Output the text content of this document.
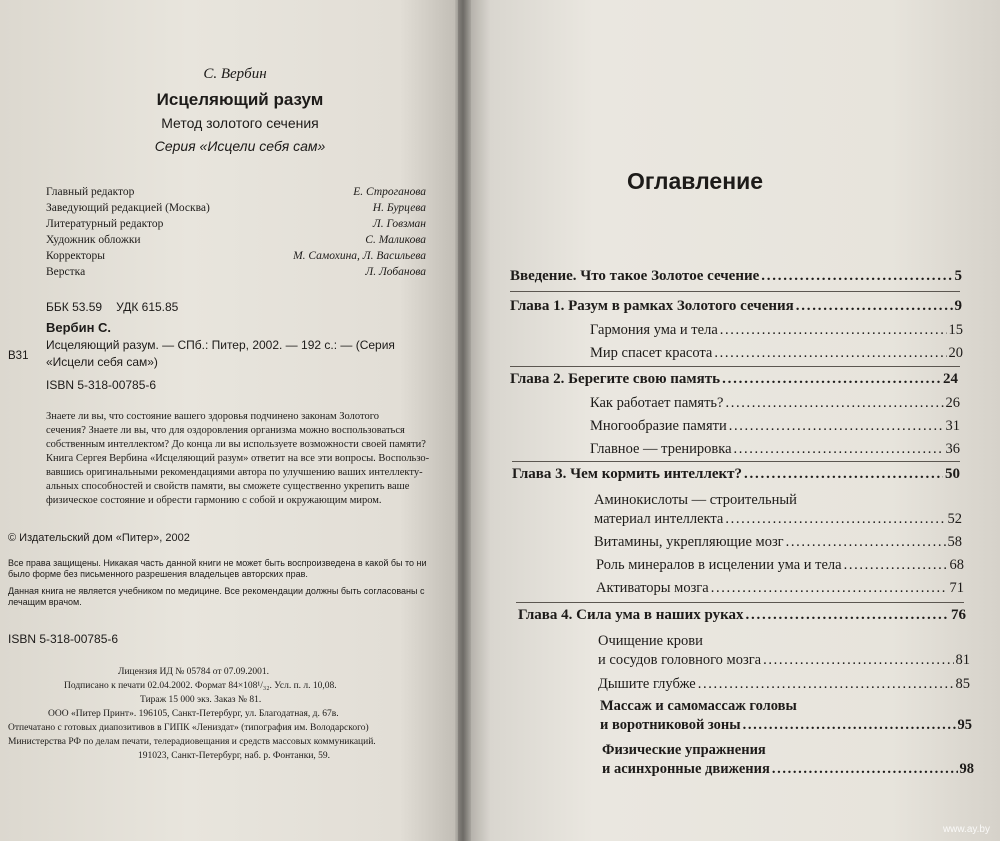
С. Вербин
Исцеляющий разум
Метод золотого сечения
Серия «Исцели себя сам»
Главный редактор	Е. Строганова
Заведующий редакцией (Москва)	Н. Бурцева
Литературный редактор	Л. Говзман
Художник обложки	С. Маликова
Корректоры	М. Самохина, Л. Васильева
Верстка	Л. Лобанова
ББК 53.59 УДК 615.85
Вербин С.
В31
Исцеляющий разум. — СПб.: Питер, 2002. — 192 с.: — (Серия
«Исцели себя сам»)
ISBN 5-318-00785-6
Знаете ли вы, что состояние вашего здоровья подчинено законам Золотого
сечения? Знаете ли вы, что для оздоровления организма можно воспользоваться
собственным интеллектом? До конца ли вы используете возможности своей памяти?
Книга Сергея Вербина «Исцеляющий разум» ответит на все эти вопросы. Воспользо-
вавшись оригинальными рекомендациями автора по улучшению ваших интеллекту-
альных способностей и свойств памяти, вы сможете существенно укрепить ваше
физическое состояние и обрести гармонию с собой и окружающим миром.
© Издательский дом «Питер», 2002
Все права защищены. Никакая часть данной книги не может быть воспроизведена в какой бы то ни
было форме без письменного разрешения владельцев авторских прав.
Данная книга не является учебником по медицине. Все рекомендации должны быть согласованы с
лечащим врачом.
ISBN 5-318-00785-6
Лицензия ИД № 05784 от 07.09.2001.
Подписано к печати 02.04.2002. Формат 84×108¹/₃₂. Усл. п. л. 10,08.
Тираж 15 000 экз. Заказ № 81.
ООО «Питер Принт». 196105, Санкт-Петербург, ул. Благодатная, д. 67в.
Отпечатано с готовых диапозитивов в ГИПК «Лениздат» (типография им. Володарского)
Министерства РФ по делам печати, телерадиовещания и средств массовых коммуникаций.
191023, Санкт-Петербург, наб. р. Фонтанки, 59.
Оглавление
Введение. Что такое Золотое сечение . . .	5
Глава 1. Разум в рамках Золотого сечения . . .	9
Гармония ума и тела . . .	15
Мир спасет красота . . .	20
Глава 2. Берегите свою память . . .	24
Как работает память? . . .	26
Многообразие памяти . . .	31
Главное — тренировка . . .	36
Глава 3. Чем кормить интеллект? . . .	50
Аминокислоты — строительный
материал интеллекта . . .	52
Витамины, укрепляющие мозг . . .	58
Роль минералов в исцелении ума и тела . . .	68
Активаторы мозга . . .	71
Глава 4. Сила ума в наших руках . . .	76
Очищение крови
и сосудов головного мозга . . .	81
Дышите глубже . . .	85
Массаж и самомассаж головы
и воротниковой зоны . . .	95
Физические упражнения
и асинхронные движения . . .	98
www.ay.by
